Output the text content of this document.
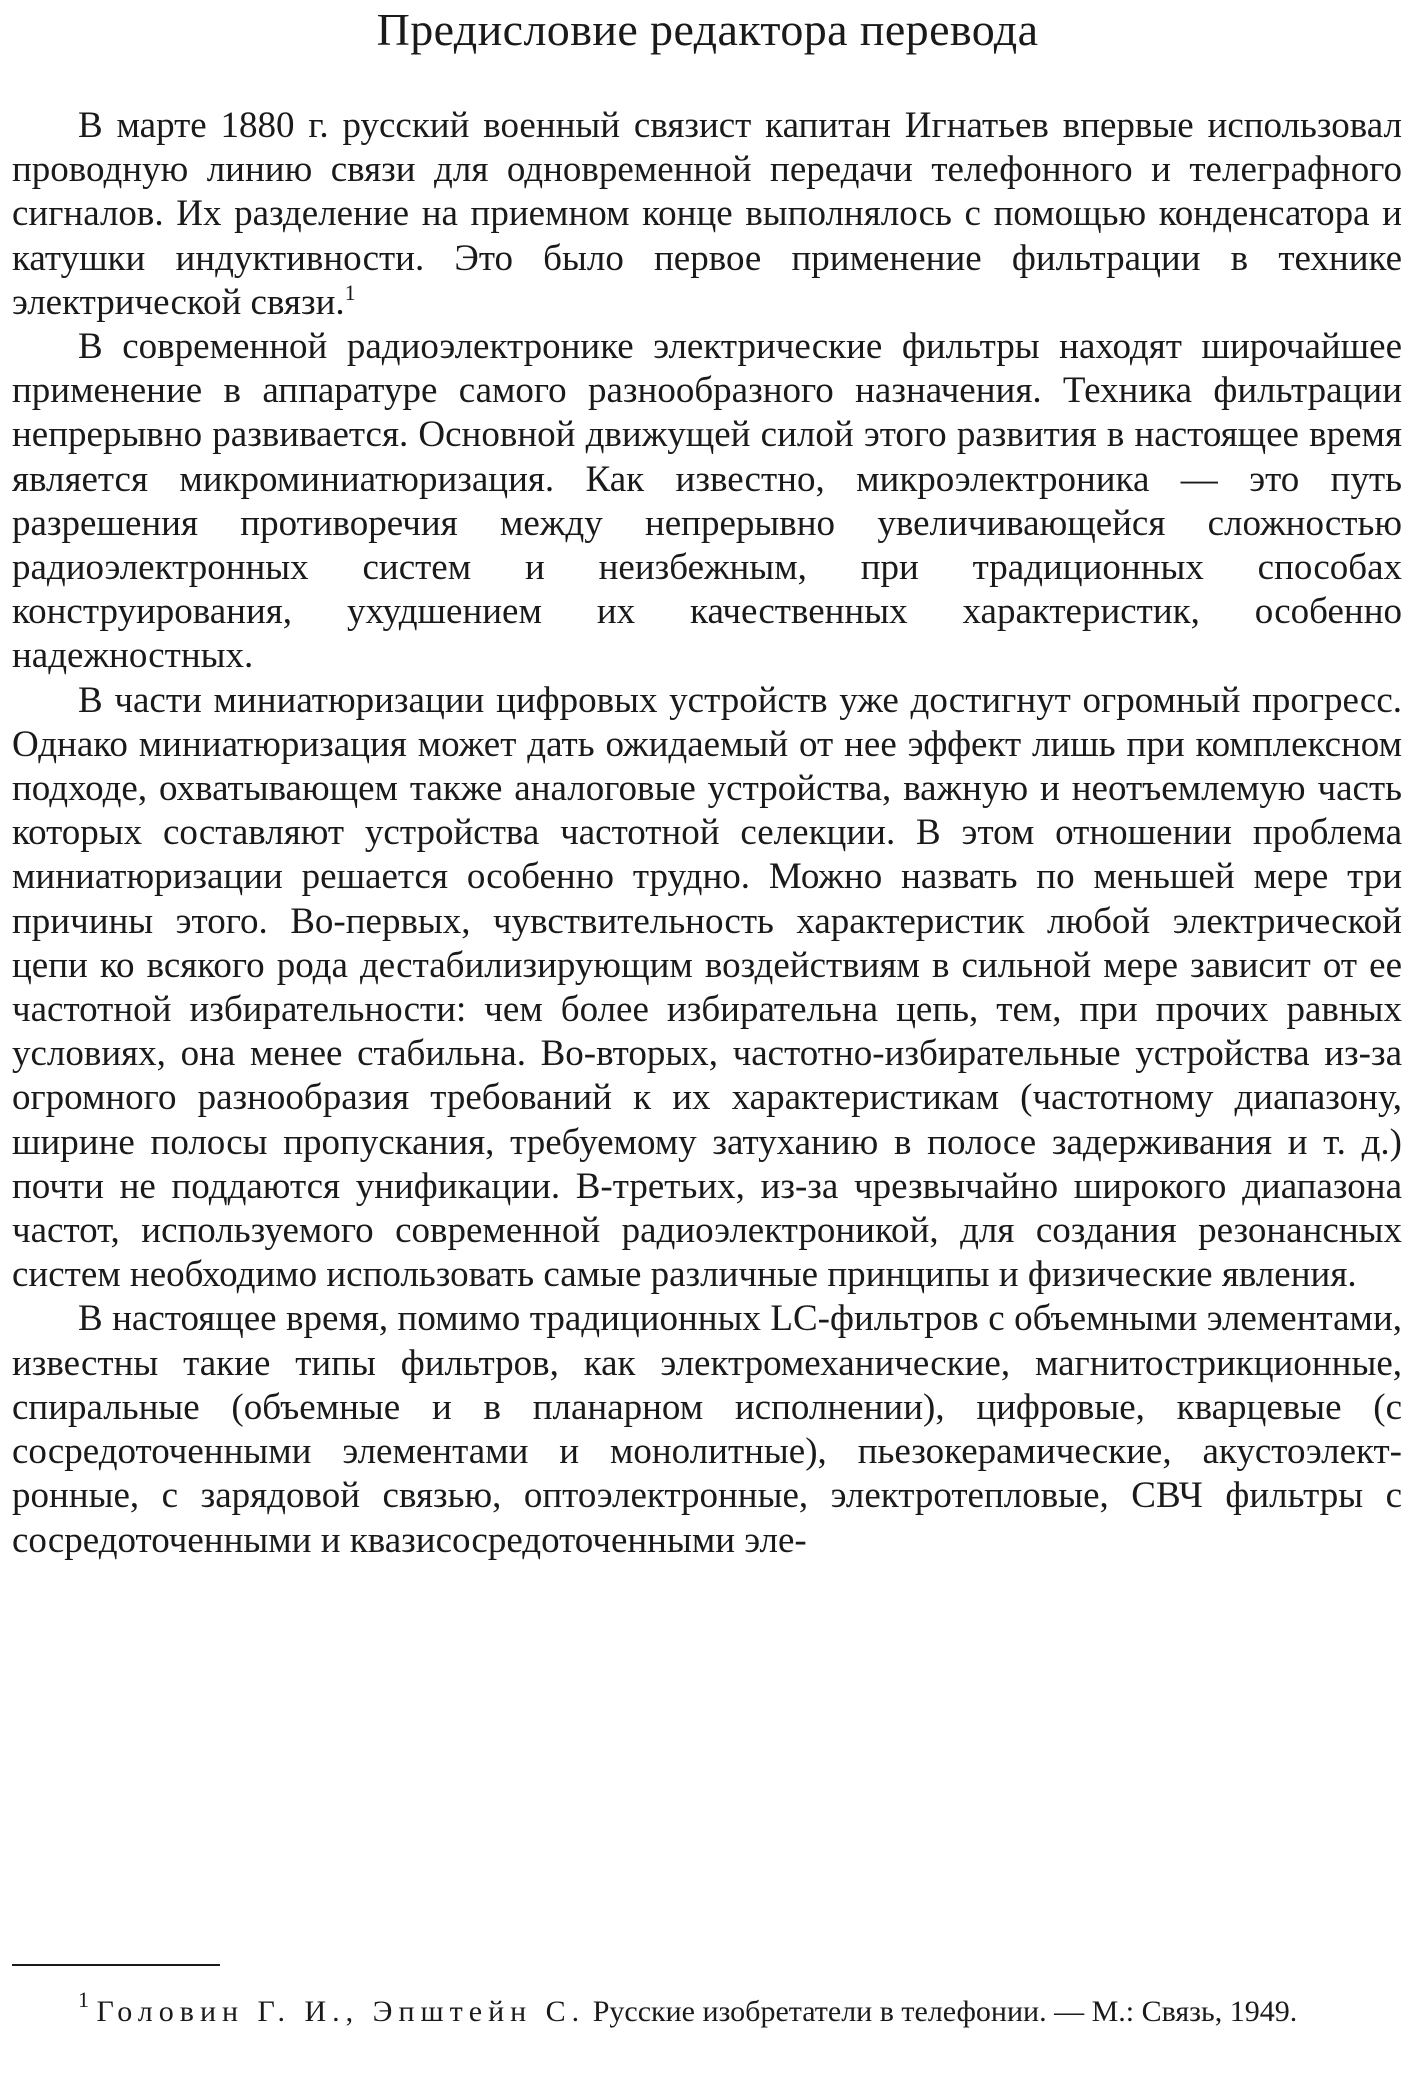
Предисловие редактора перевода

В марте 1880 г. русский военный связист капитан Игнатьев впервые использовал проводную линию связи для одновременной передачи телефонного и телеграфного сигналов. Их разделение на приемном конце выполнялось с помощью конденсатора и катушки индуктивности. Это было первое применение фильтрации в технике электрической связи.$^1$

В современной радиоэлектронике электрические фильтры находят широчайшее применение в аппаратуре самого разнообразного назначения. Техника фильтрации непрерывно развивается. Основной движущей силой этого развития в настоящее время является микроминиатюризация. Как известно, микроэлектроника — это путь разрешения противоречия между непрерывно увеличивающейся сложностью радиоэлектронных систем и неизбежным, при традиционных способах конструирования, ухудшением их качественных характеристик, особенно надежностных.

В части миниатюризации цифровых устройств уже достигнут огромный прогресс. Однако миниатюризация может дать ожидаемый от нее эффект лишь при комплексном подходе, охватывающем также аналоговые устройства, важную и неотъемлемую часть которых составляют устройства частотной селекции. В этом отношении проблема миниатюризации решается особенно трудно. Можно назвать по меньшей мере три причины этого. Во-первых, чувствительность характеристик любой электрической цепи ко всякого рода дестабилизирующим воздействиям в сильной мере зависит от ее частотной избирательности: чем более избирательна цепь, тем, при прочих равных условиях, она менее стабильна. Во-вторых, частотно-избирательные устройства из-за огромного разнообразия требований к их характеристикам (частотному диапазону, ширине полосы пропускания, требуемому затуханию в полосе задерживания и т. д.) почти не поддаются унификации. В-третьих, из-за чрезвычайно широкого диапазона частот, используемого современной радиоэлектроникой, для создания резонансных систем необходимо использовать самые различные принципы и физические явления.

В настоящее время, помимо традиционных LC-фильтров с объемными элементами, известны такие типы фильтров, как электромеханические, магнитострикционные, спиральные (объемные и в планарном исполнении), цифровые, кварцевые (с сосредоточенными элементами и монолитные), пьезокерамические, акустоэлектронные, с зарядовой связью, оптоэлектронные, электротепловые, СВЧ фильтры с сосредоточенными и квазисосредоточенными эле-

$^1$ Головин Г. И., Эпштейн С. Русские изобретатели в телефонии. — М.: Связь, 1949.
